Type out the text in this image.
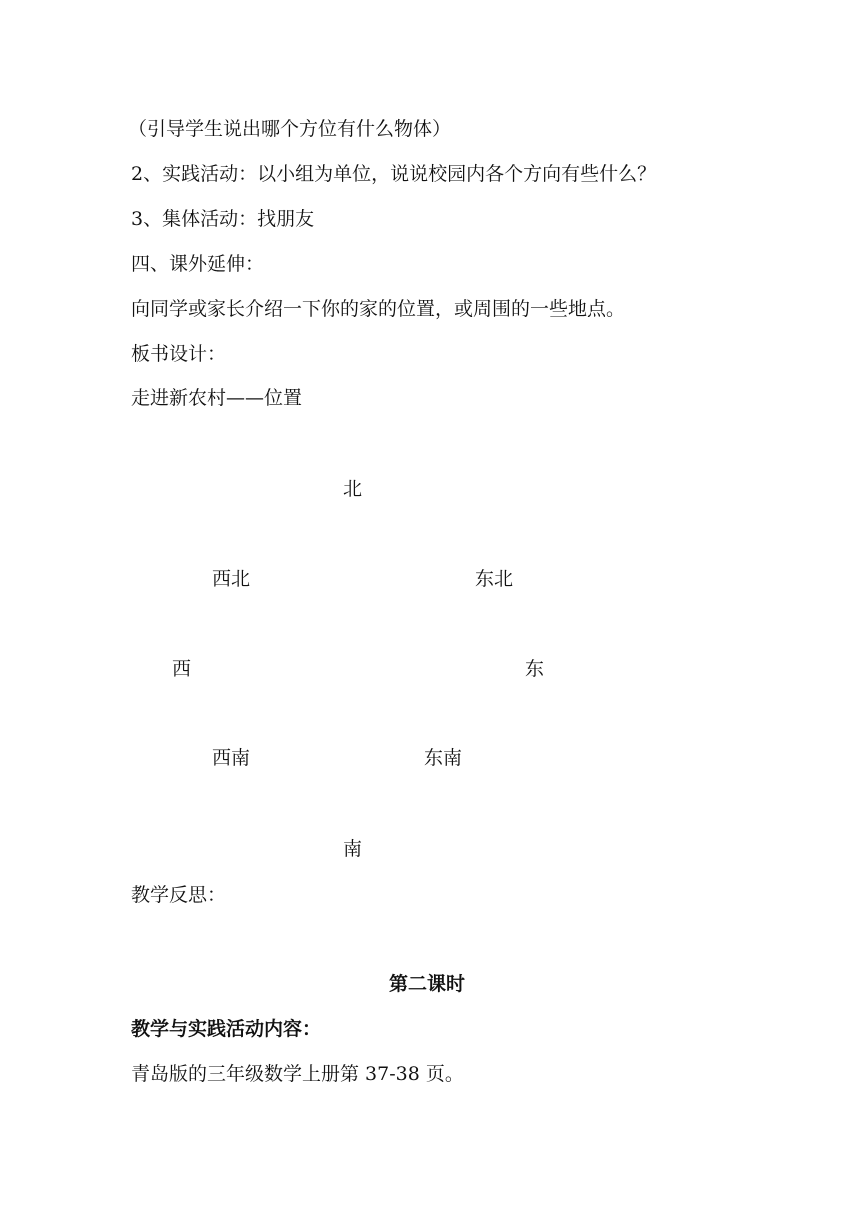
（引导学生说出哪个方位有什么物体）
2、实践活动：以小组为单位，说说校园内各个方向有些什么？
3、集体活动：找朋友
四、课外延伸：
向同学或家长介绍一下你的家的位置，或周围的一些地点。
板书设计：
走进新农村——位置
北
西北	东北
西	东
西南	东南
南
教学反思：
第二课时
教学与实践活动内容：
青岛版的三年级数学上册第 37-38 页。
